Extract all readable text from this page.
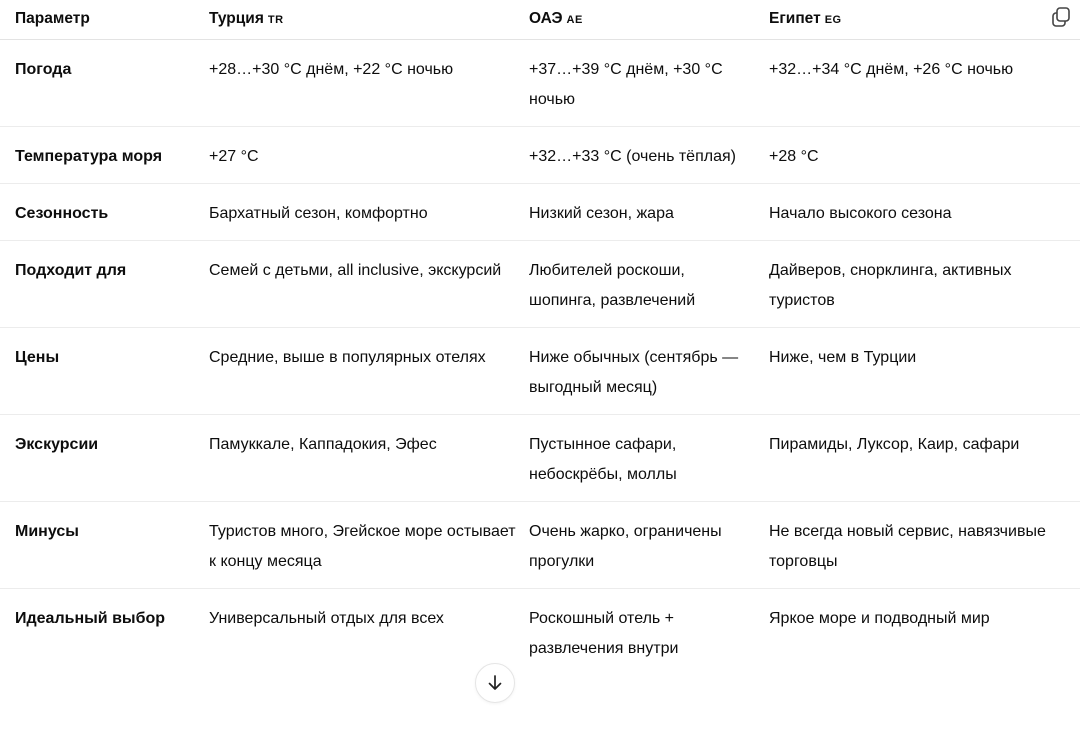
Параметр	Турция TR	ОАЭ AE	Египет EG
Погода	+28…+30 °C днём, +22 °C ночью	+37…+39 °C днём, +30 °C ночью	+32…+34 °C днём, +26 °C ночью
Температура моря	+27 °C	+32…+33 °C (очень тёплая)	+28 °C
Сезонность	Бархатный сезон, комфортно	Низкий сезон, жара	Начало высокого сезона
Подходит для	Семей с детьми, all inclusive, экскурсий	Любителей роскоши, шопинга, развлечений	Дайверов, снорклинга, активных туристов
Цены	Средние, выше в популярных отелях	Ниже обычных (сентябрь — выгодный месяц)	Ниже, чем в Турции
Экскурсии	Памуккале, Каппадокия, Эфес	Пустынное сафари, небоскрёбы, моллы	Пирамиды, Луксор, Каир, сафари
Минусы	Туристов много, Эгейское море остывает к концу месяца	Очень жарко, ограничены прогулки	Не всегда новый сервис, навязчивые торговцы
Идеальный выбор	Универсальный отдых для всех	Роскошный отель + развлечения внутри	Яркое море и подводный мир
